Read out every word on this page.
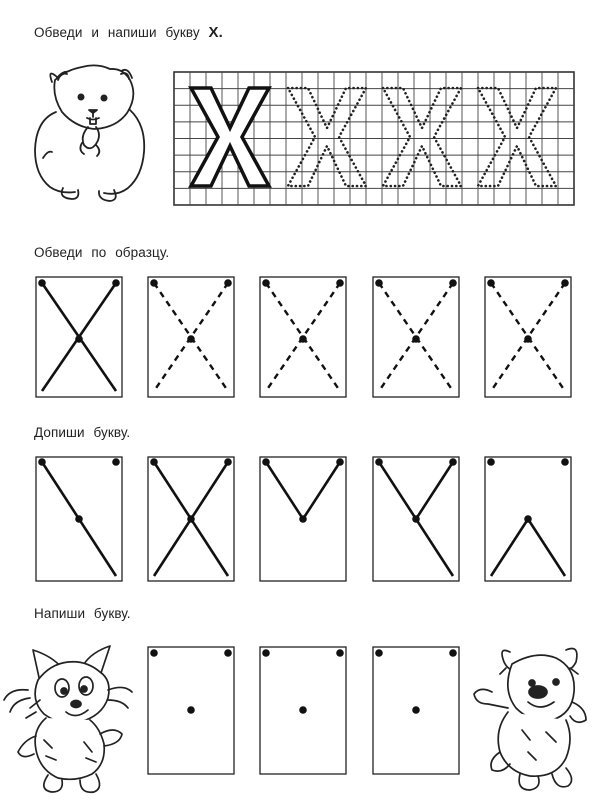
Обведи и напиши букву Х.
Обведи по образцу.
Допиши букву.
Напиши букву.
